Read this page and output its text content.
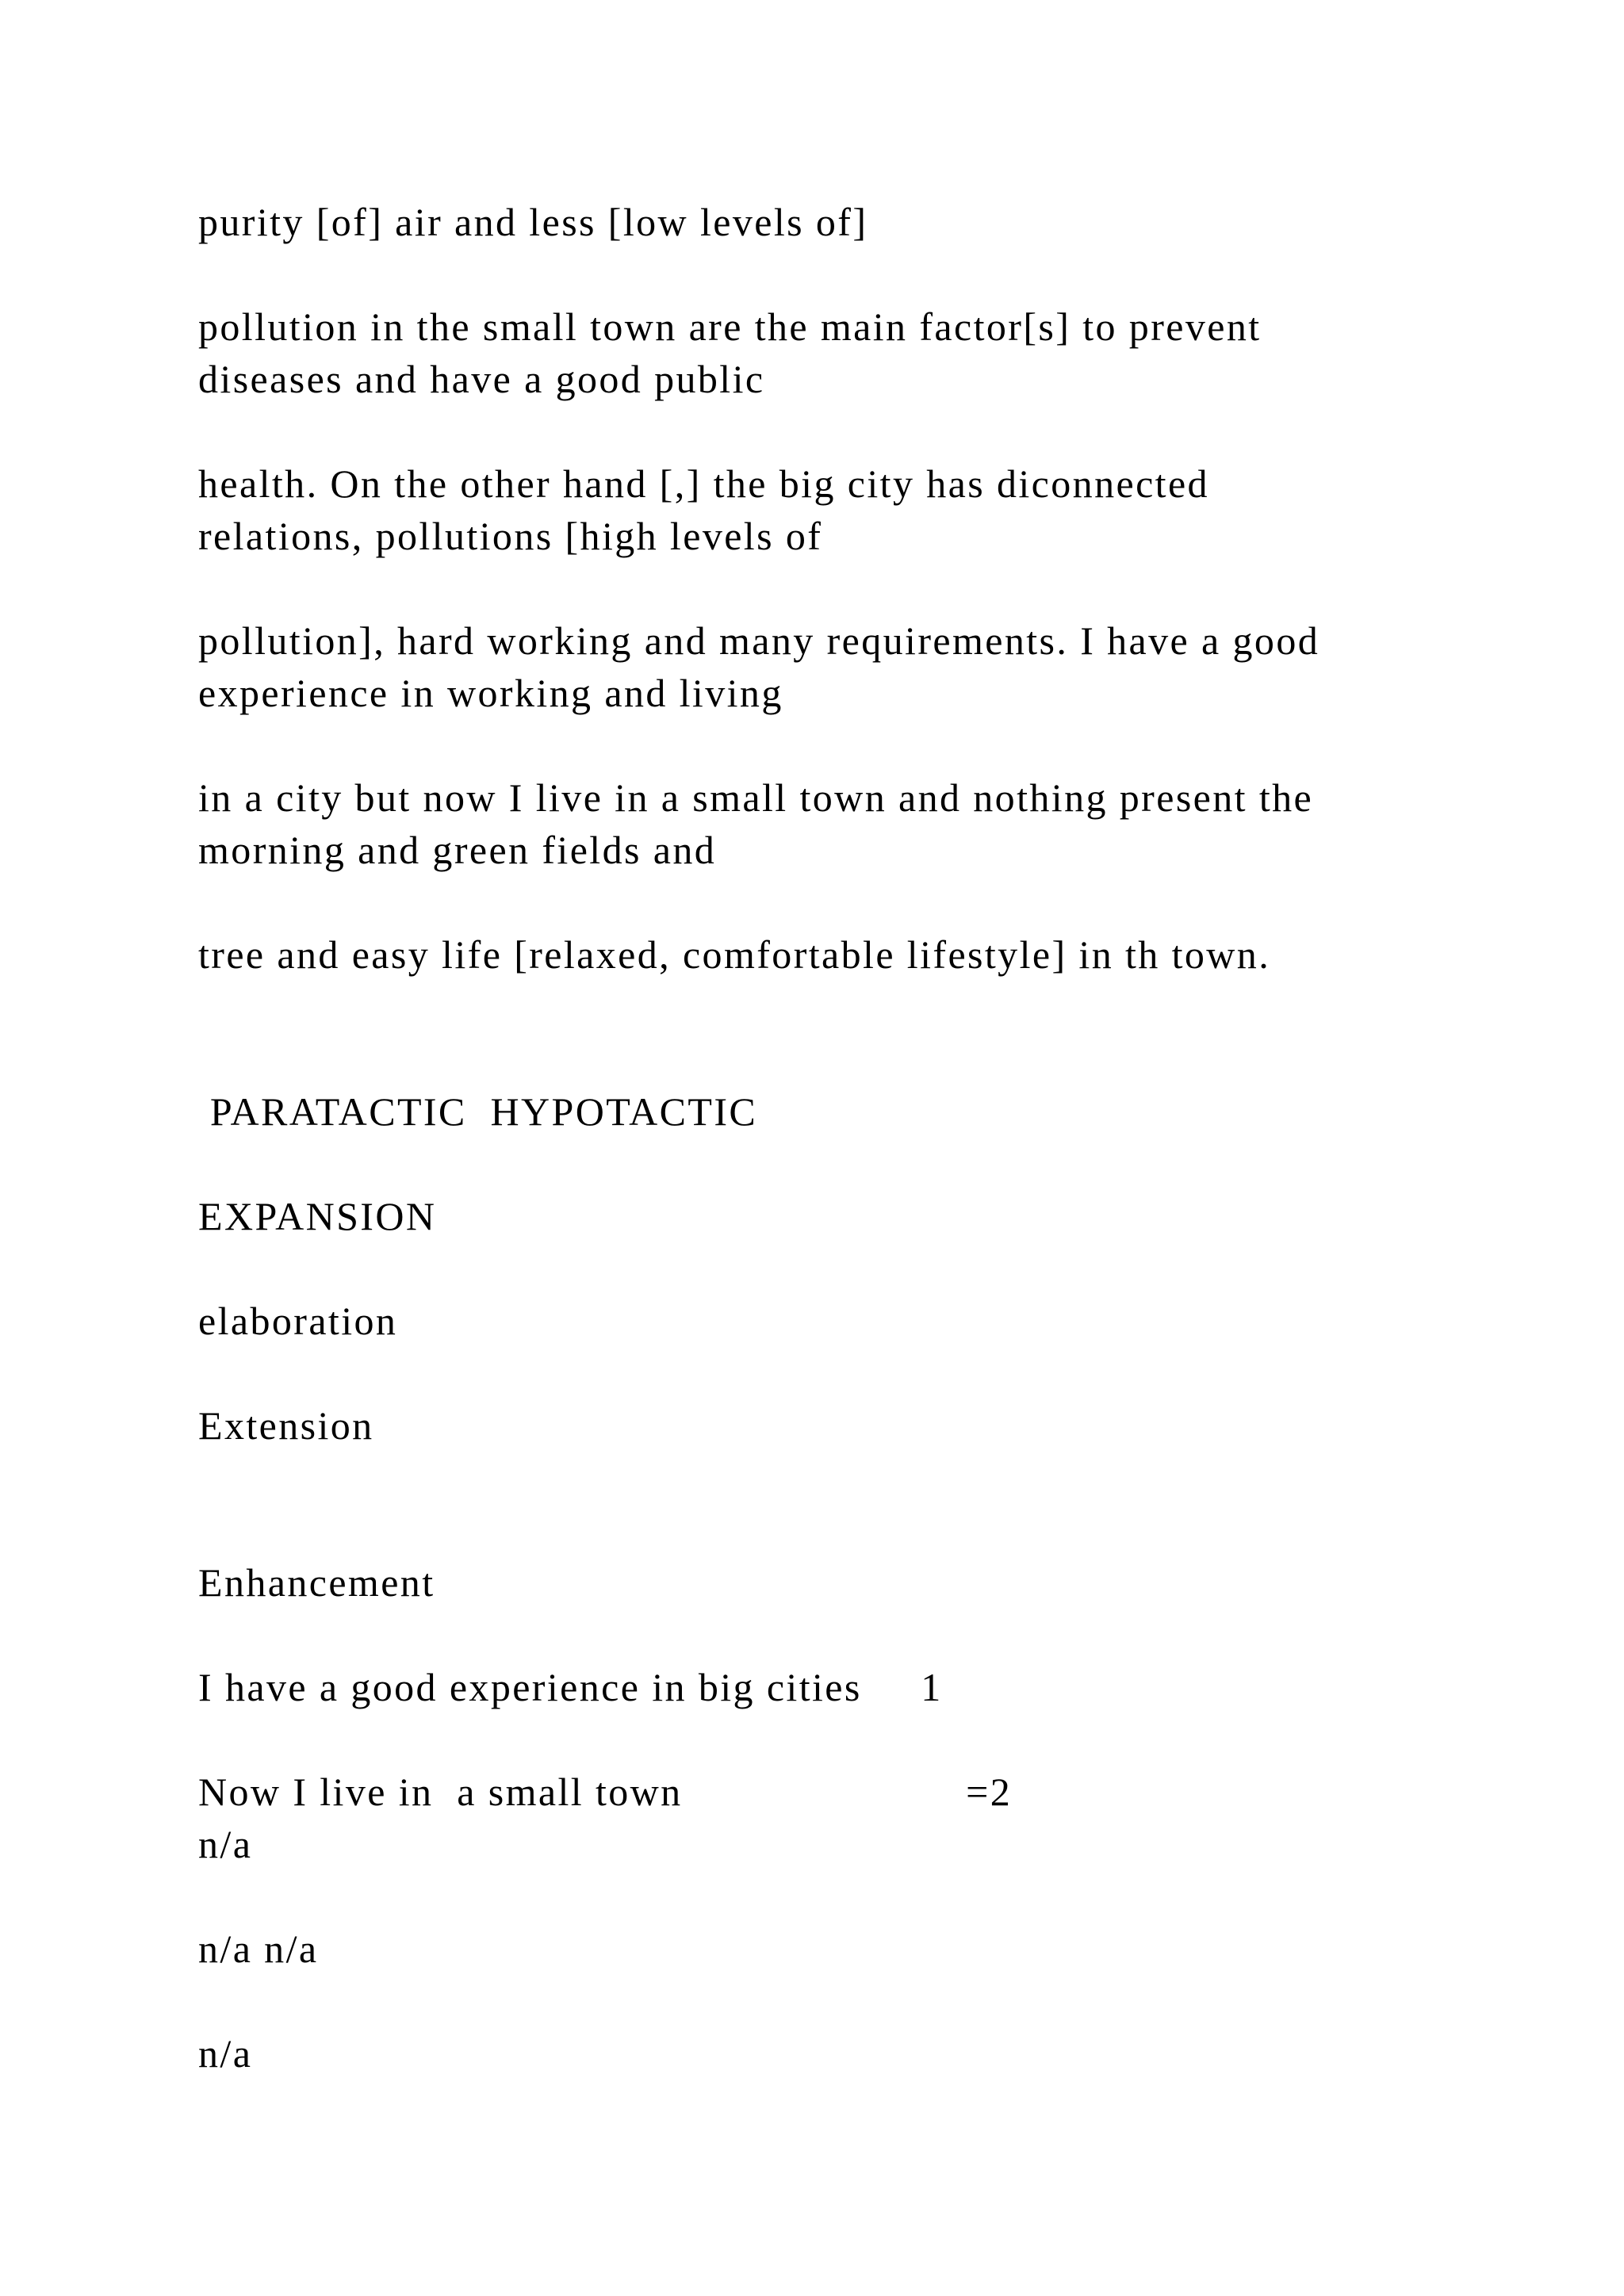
purity [of] air and less [low levels of]

pollution in the small town are the main factor[s] to prevent

diseases and have a good public

health. On the other hand [,] the big city has diconnected

relations, pollutions [high levels of

pollution], hard working and many requirements. I have a good

experience in working and living

in a city but now I live in a small town and nothing present the

morning and green fields and

tree and easy life [relaxed, comfortable lifestyle] in th town.

PARATACTIC  HYPOTACTIC

EXPANSION

elaboration

Extension

Enhancement

I have a good experience in big cities     1

Now I live in  a small town                        =2

n/a

n/a n/a

n/a
